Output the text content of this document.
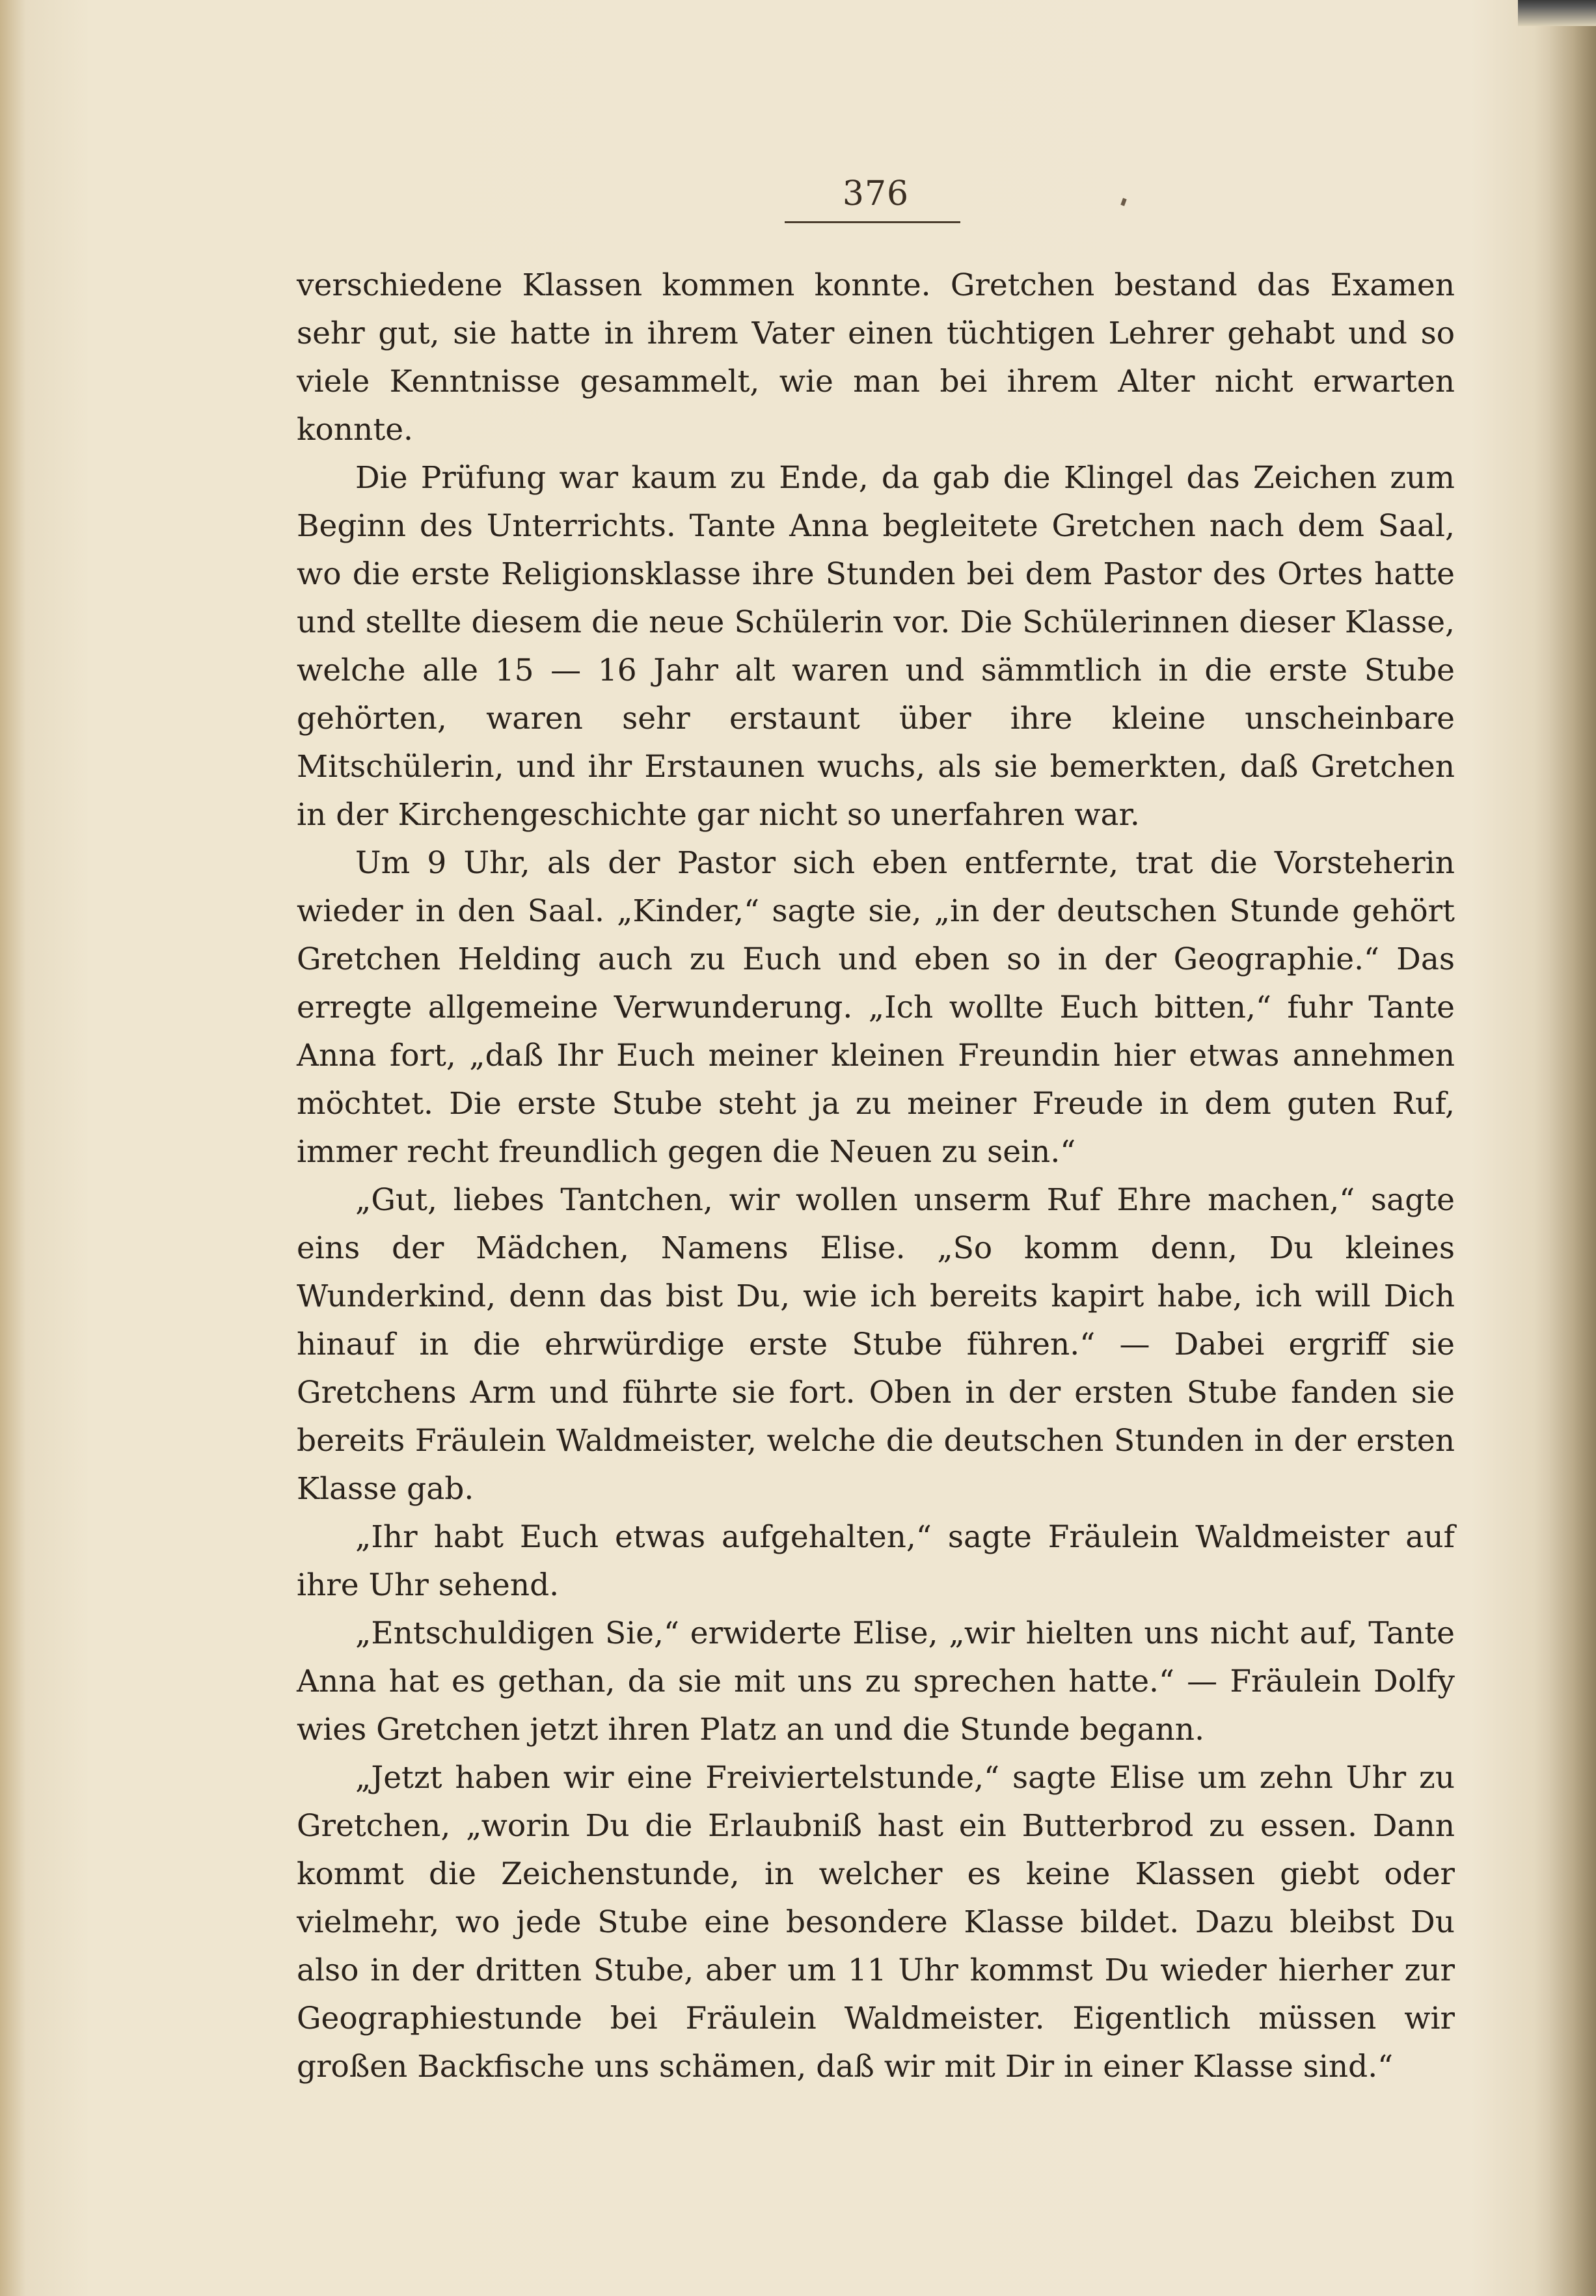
376

verschiedene Klassen kommen konnte. Gretchen bestand das Examen sehr gut, sie hatte in ihrem Vater einen tüchtigen Lehrer gehabt und so viele Kenntnisse gesammelt, wie man bei ihrem Alter nicht erwarten konnte.

Die Prüfung war kaum zu Ende, da gab die Klingel das Zeichen zum Beginn des Unterrichts. Tante Anna begleitete Gretchen nach dem Saal, wo die erste Religionsklasse ihre Stunden bei dem Pastor des Ortes hatte und stellte diesem die neue Schülerin vor. Die Schülerinnen dieser Klasse, welche alle 15 — 16 Jahr alt waren und sämmtlich in die erste Stube gehörten, waren sehr erstaunt über ihre kleine unscheinbare Mitschülerin, und ihr Erstaunen wuchs, als sie bemerkten, daß Gretchen in der Kirchengeschichte gar nicht so unerfahren war.

Um 9 Uhr, als der Pastor sich eben entfernte, trat die Vorsteherin wieder in den Saal. „Kinder,“ sagte sie, „in der deutschen Stunde gehört Gretchen Helding auch zu Euch und eben so in der Geographie.“ Das erregte allgemeine Verwunderung. „Ich wollte Euch bitten,“ fuhr Tante Anna fort, „daß Ihr Euch meiner kleinen Freundin hier etwas annehmen möchtet. Die erste Stube steht ja zu meiner Freude in dem guten Ruf, immer recht freundlich gegen die Neuen zu sein.“

„Gut, liebes Tantchen, wir wollen unserm Ruf Ehre machen,“ sagte eins der Mädchen, Namens Elise. „So komm denn, Du kleines Wunderkind, denn das bist Du, wie ich bereits kapirt habe, ich will Dich hinauf in die ehrwürdige erste Stube führen.“ — Dabei ergriff sie Gretchens Arm und führte sie fort. Oben in der ersten Stube fanden sie bereits Fräulein Waldmeister, welche die deutschen Stunden in der ersten Klasse gab.

„Ihr habt Euch etwas aufgehalten,“ sagte Fräulein Waldmeister auf ihre Uhr sehend.

„Entschuldigen Sie,“ erwiderte Elise, „wir hielten uns nicht auf, Tante Anna hat es gethan, da sie mit uns zu sprechen hatte.“ — Fräulein Dolfy wies Gretchen jetzt ihren Platz an und die Stunde begann.

„Jetzt haben wir eine Freiviertelstunde,“ sagte Elise um zehn Uhr zu Gretchen, „worin Du die Erlaubniß hast ein Butterbrod zu essen. Dann kommt die Zeichenstunde, in welcher es keine Klassen giebt oder vielmehr, wo jede Stube eine besondere Klasse bildet. Dazu bleibst Du also in der dritten Stube, aber um 11 Uhr kommst Du wieder hierher zur Geographiestunde bei Fräulein Waldmeister. Eigentlich müssen wir großen Backfische uns schämen, daß wir mit Dir in einer Klasse sind.“
